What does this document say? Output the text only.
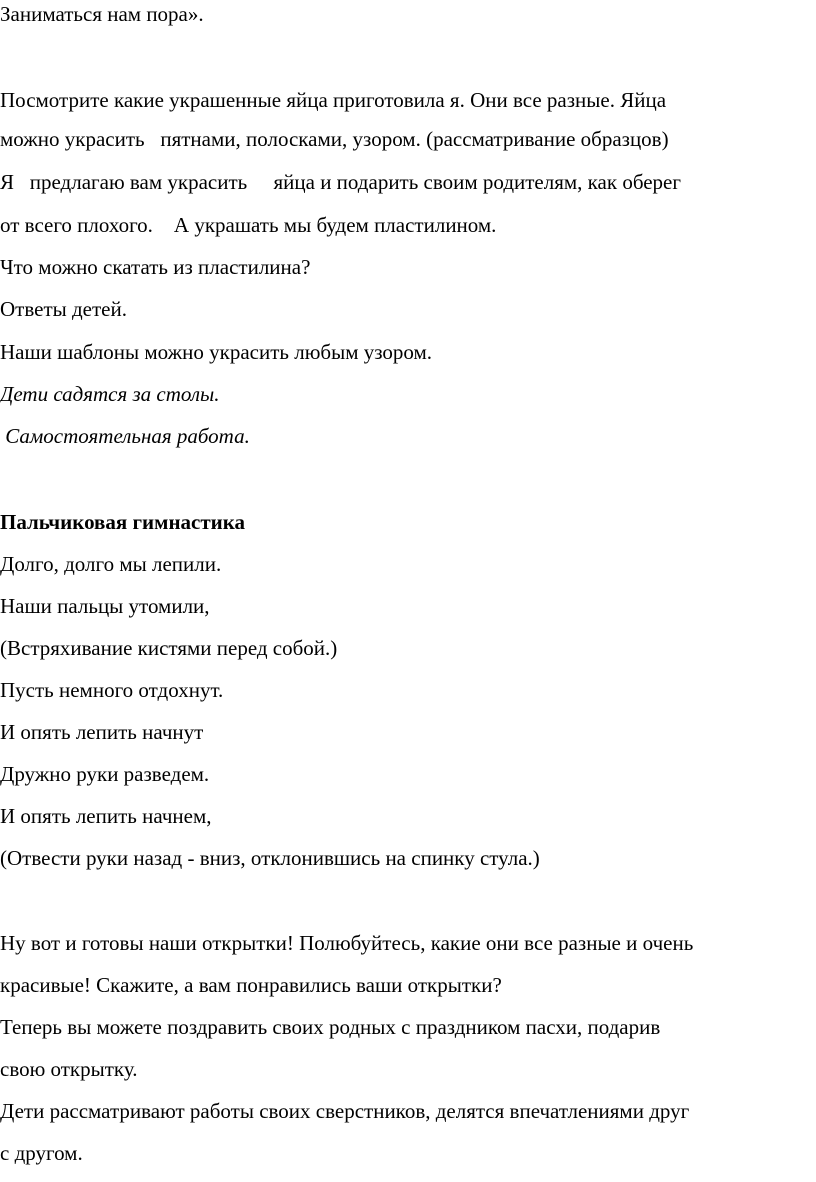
Заниматься нам пора».
Посмотрите какие украшенные яйца приготовила я. Они все разные. Яйца
можно украсить   пятнами, полосками, узором. (рассматривание образцов)
Я   предлагаю вам украсить     яйца и подарить своим родителям, как оберег
от всего плохого.    А украшать мы будем пластилином.
Что можно скатать из пластилина?
Ответы детей.
Наши шаблоны можно украсить любым узором.
Дети садятся за столы.
Самостоятельная работа.
Пальчиковая гимнастика
Долго, долго мы лепили.
Наши пальцы утомили,
(Встряхивание кистями перед собой.)
Пусть немного отдохнут.
И опять лепить начнут
Дружно руки разведем.
И опять лепить начнем,
(Отвести руки назад - вниз, отклонившись на спинку стула.)
Ну вот и готовы наши открытки! Полюбуйтесь, какие они все разные и очень
красивые! Скажите, а вам понравились ваши открытки?
Теперь вы можете поздравить своих родных с праздником пасхи, подарив
свою открытку.
Дети рассматривают работы своих сверстников, делятся впечатлениями друг
с другом.
